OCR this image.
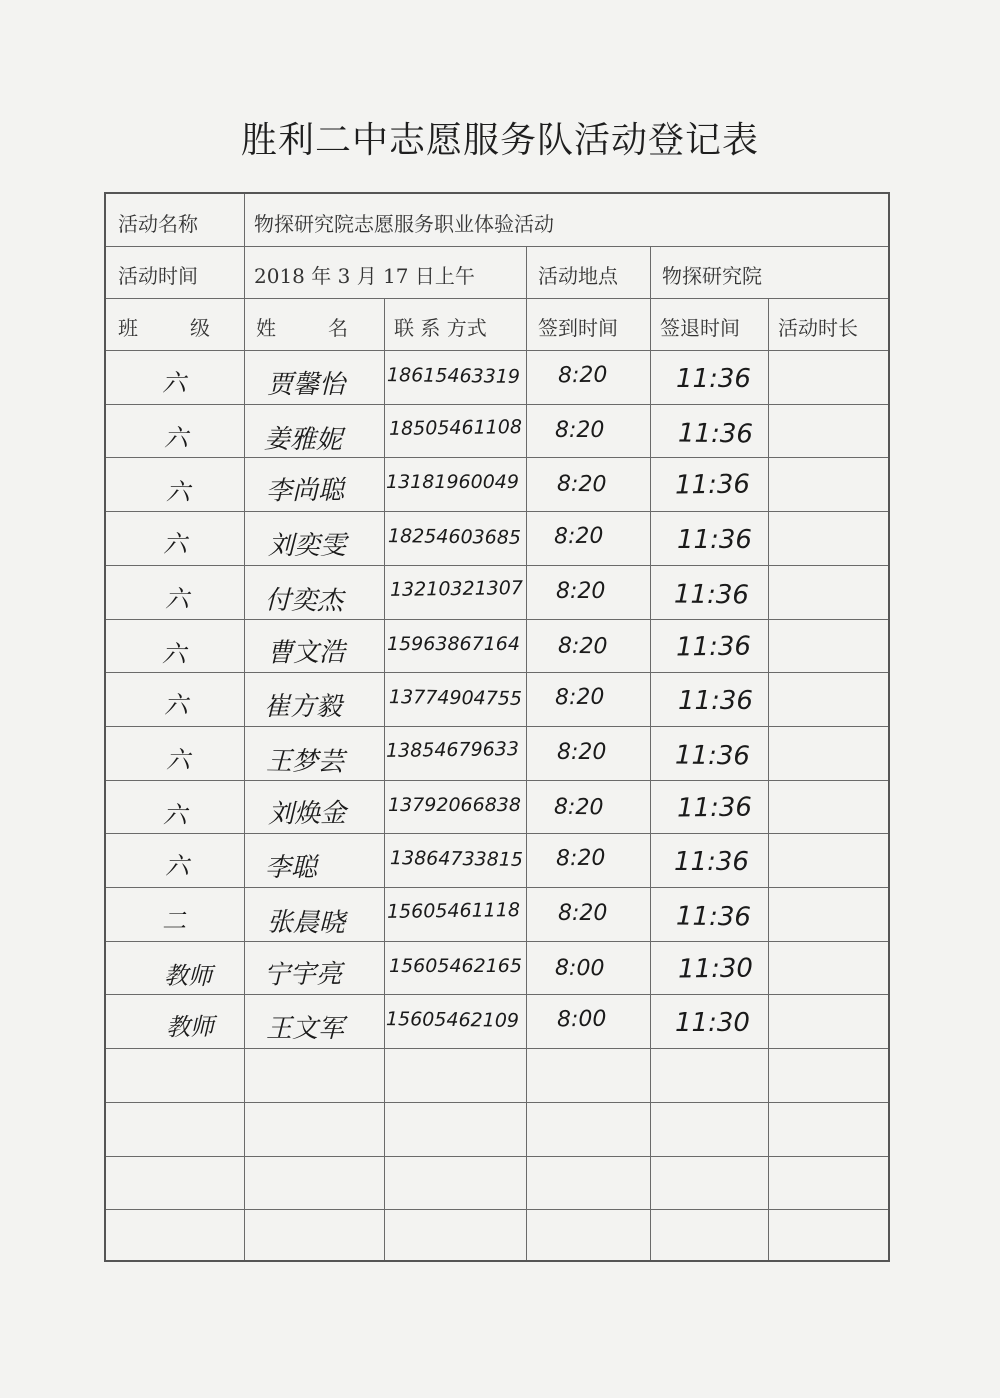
胜利二中志愿服务队活动登记表
活动名称	物探研究院志愿服务职业体验活动
活动时间	2018 年 3 月 17 日上午	活动地点 物探研究院
班　　级 姓　　名 联 系 方式	签到时间 签退时间 活动时长
六	贾馨怡 18615463319 8:20	11:36
六	姜雅妮 18505461108 8:20	11:36
六	李尚聪 13181960049 8:20	11:36
六	刘奕雯 18254603685 8:20	11:36
六	付奕杰 13210321307 8:20	11:36
六	曹文浩 15963867164 8:20	11:36
六	崔方毅 13774904755 8:20	11:36
六	王梦芸 13854679633 8:20	11:36
六	刘焕金 13792066838 8:20	11:36
六	李聪	13864733815 8:20	11:36
二	张晨晓 15605461118 8:20	11:36
教师 宁宇亮 15605462165 8:00	11:30
教师 王文军 15605462109 8:00	11:30
